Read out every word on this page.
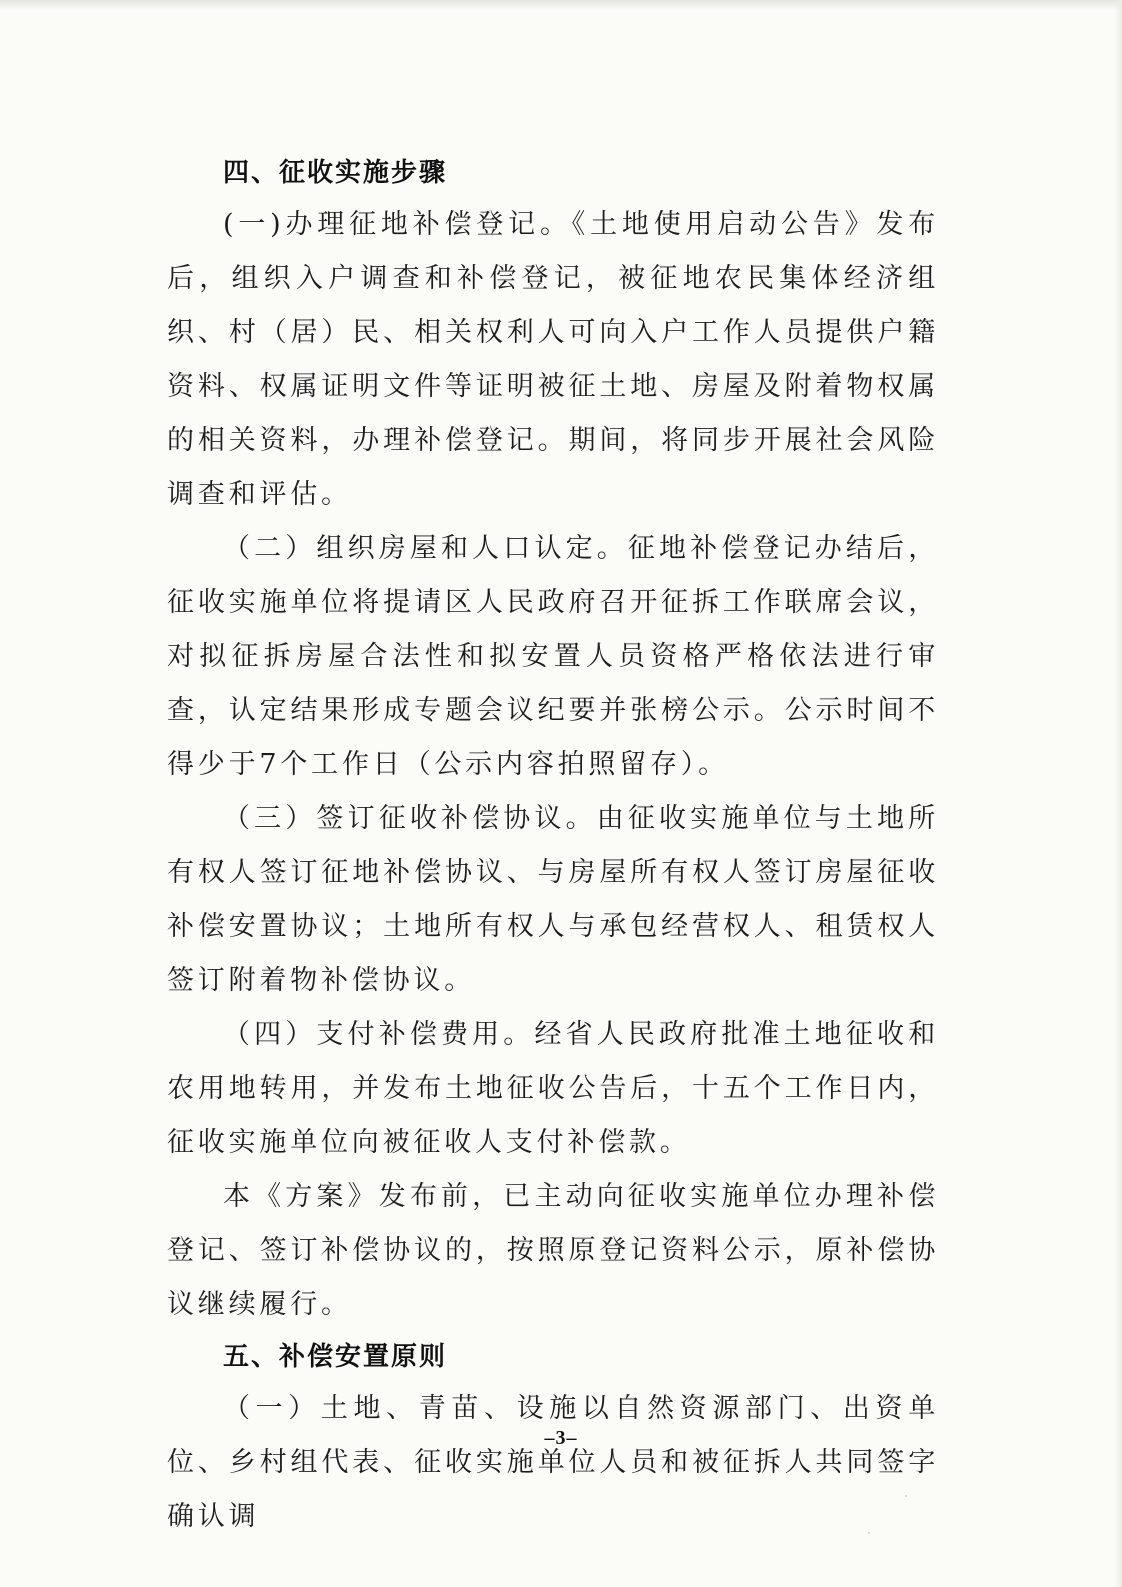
四、征收实施步骤

(一)办理征地补偿登记。《土地使用启动公告》发布后，组织入户调查和补偿登记，被征地农民集体经济组织、村（居）民、相关权利人可向入户工作人员提供户籍资料、权属证明文件等证明被征土地、房屋及附着物权属的相关资料，办理补偿登记。期间，将同步开展社会风险调查和评估。

（二）组织房屋和人口认定。征地补偿登记办结后，征收实施单位将提请区人民政府召开征拆工作联席会议，对拟征拆房屋合法性和拟安置人员资格严格依法进行审查，认定结果形成专题会议纪要并张榜公示。公示时间不得少于7个工作日（公示内容拍照留存）。

（三）签订征收补偿协议。由征收实施单位与土地所有权人签订征地补偿协议、与房屋所有权人签订房屋征收补偿安置协议；土地所有权人与承包经营权人、租赁权人签订附着物补偿协议。

（四）支付补偿费用。经省人民政府批准土地征收和农用地转用，并发布土地征收公告后，十五个工作日内，征收实施单位向被征收人支付补偿款。

本《方案》发布前，已主动向征收实施单位办理补偿登记、签订补偿协议的，按照原登记资料公示，原补偿协议继续履行。

五、补偿安置原则

（一）土地、青苗、设施以自然资源部门、出资单位、乡村组代表、征收实施单位人员和被征拆人共同签字确认调

–3–
